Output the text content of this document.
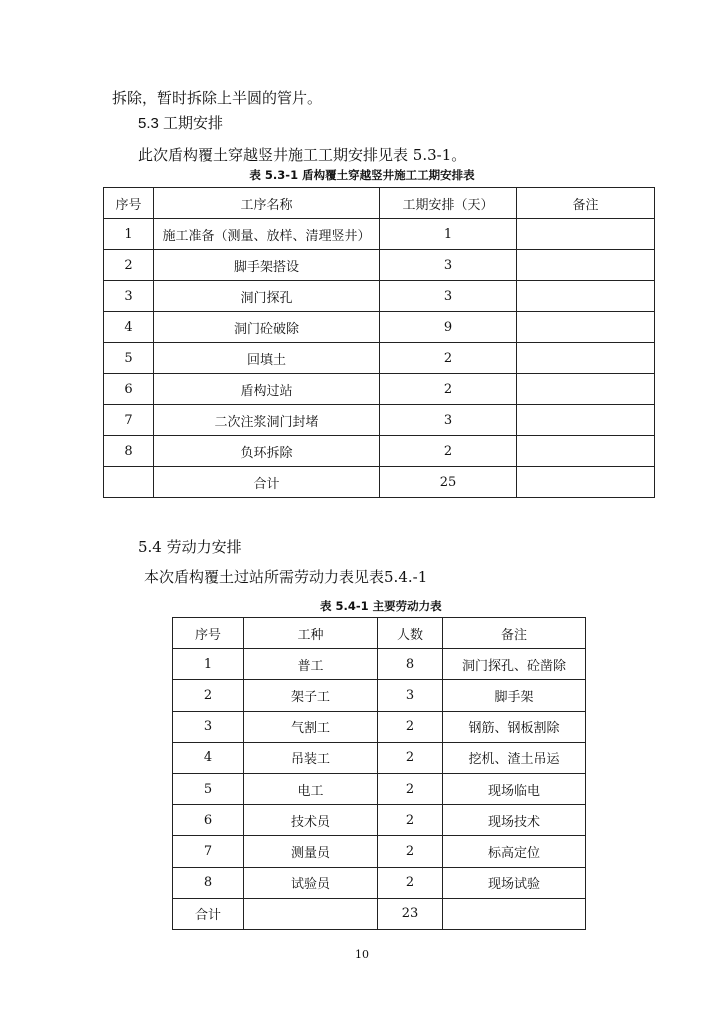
拆除，暂时拆除上半圆的管片。
5.3 工期安排
此次盾构覆土穿越竖井施工工期安排见表 5.3-1。
表 5.3-1 盾构覆土穿越竖井施工工期安排表
序号	工序名称	工期安排（天）	备注
1	施工准备（测量、放样、清理竖井）	1	
2	脚手架搭设	3	
3	洞门探孔	3	
4	洞门砼破除	9	
5	回填土	2	
6	盾构过站	2	
7	二次注浆洞门封堵	3	
8	负环拆除	2	
	合计	25	
5.4 劳动力安排
本次盾构覆土过站所需劳动力表见表5.4.-1
表 5.4-1 主要劳动力表
序号	工种	人数	备注
1	普工	8	洞门探孔、砼凿除
2	架子工	3	脚手架
3	气割工	2	钢筋、钢板割除
4	吊装工	2	挖机、渣土吊运
5	电工	2	现场临电
6	技术员	2	现场技术
7	测量员	2	标高定位
8	试验员	2	现场试验
合计		23	
10
